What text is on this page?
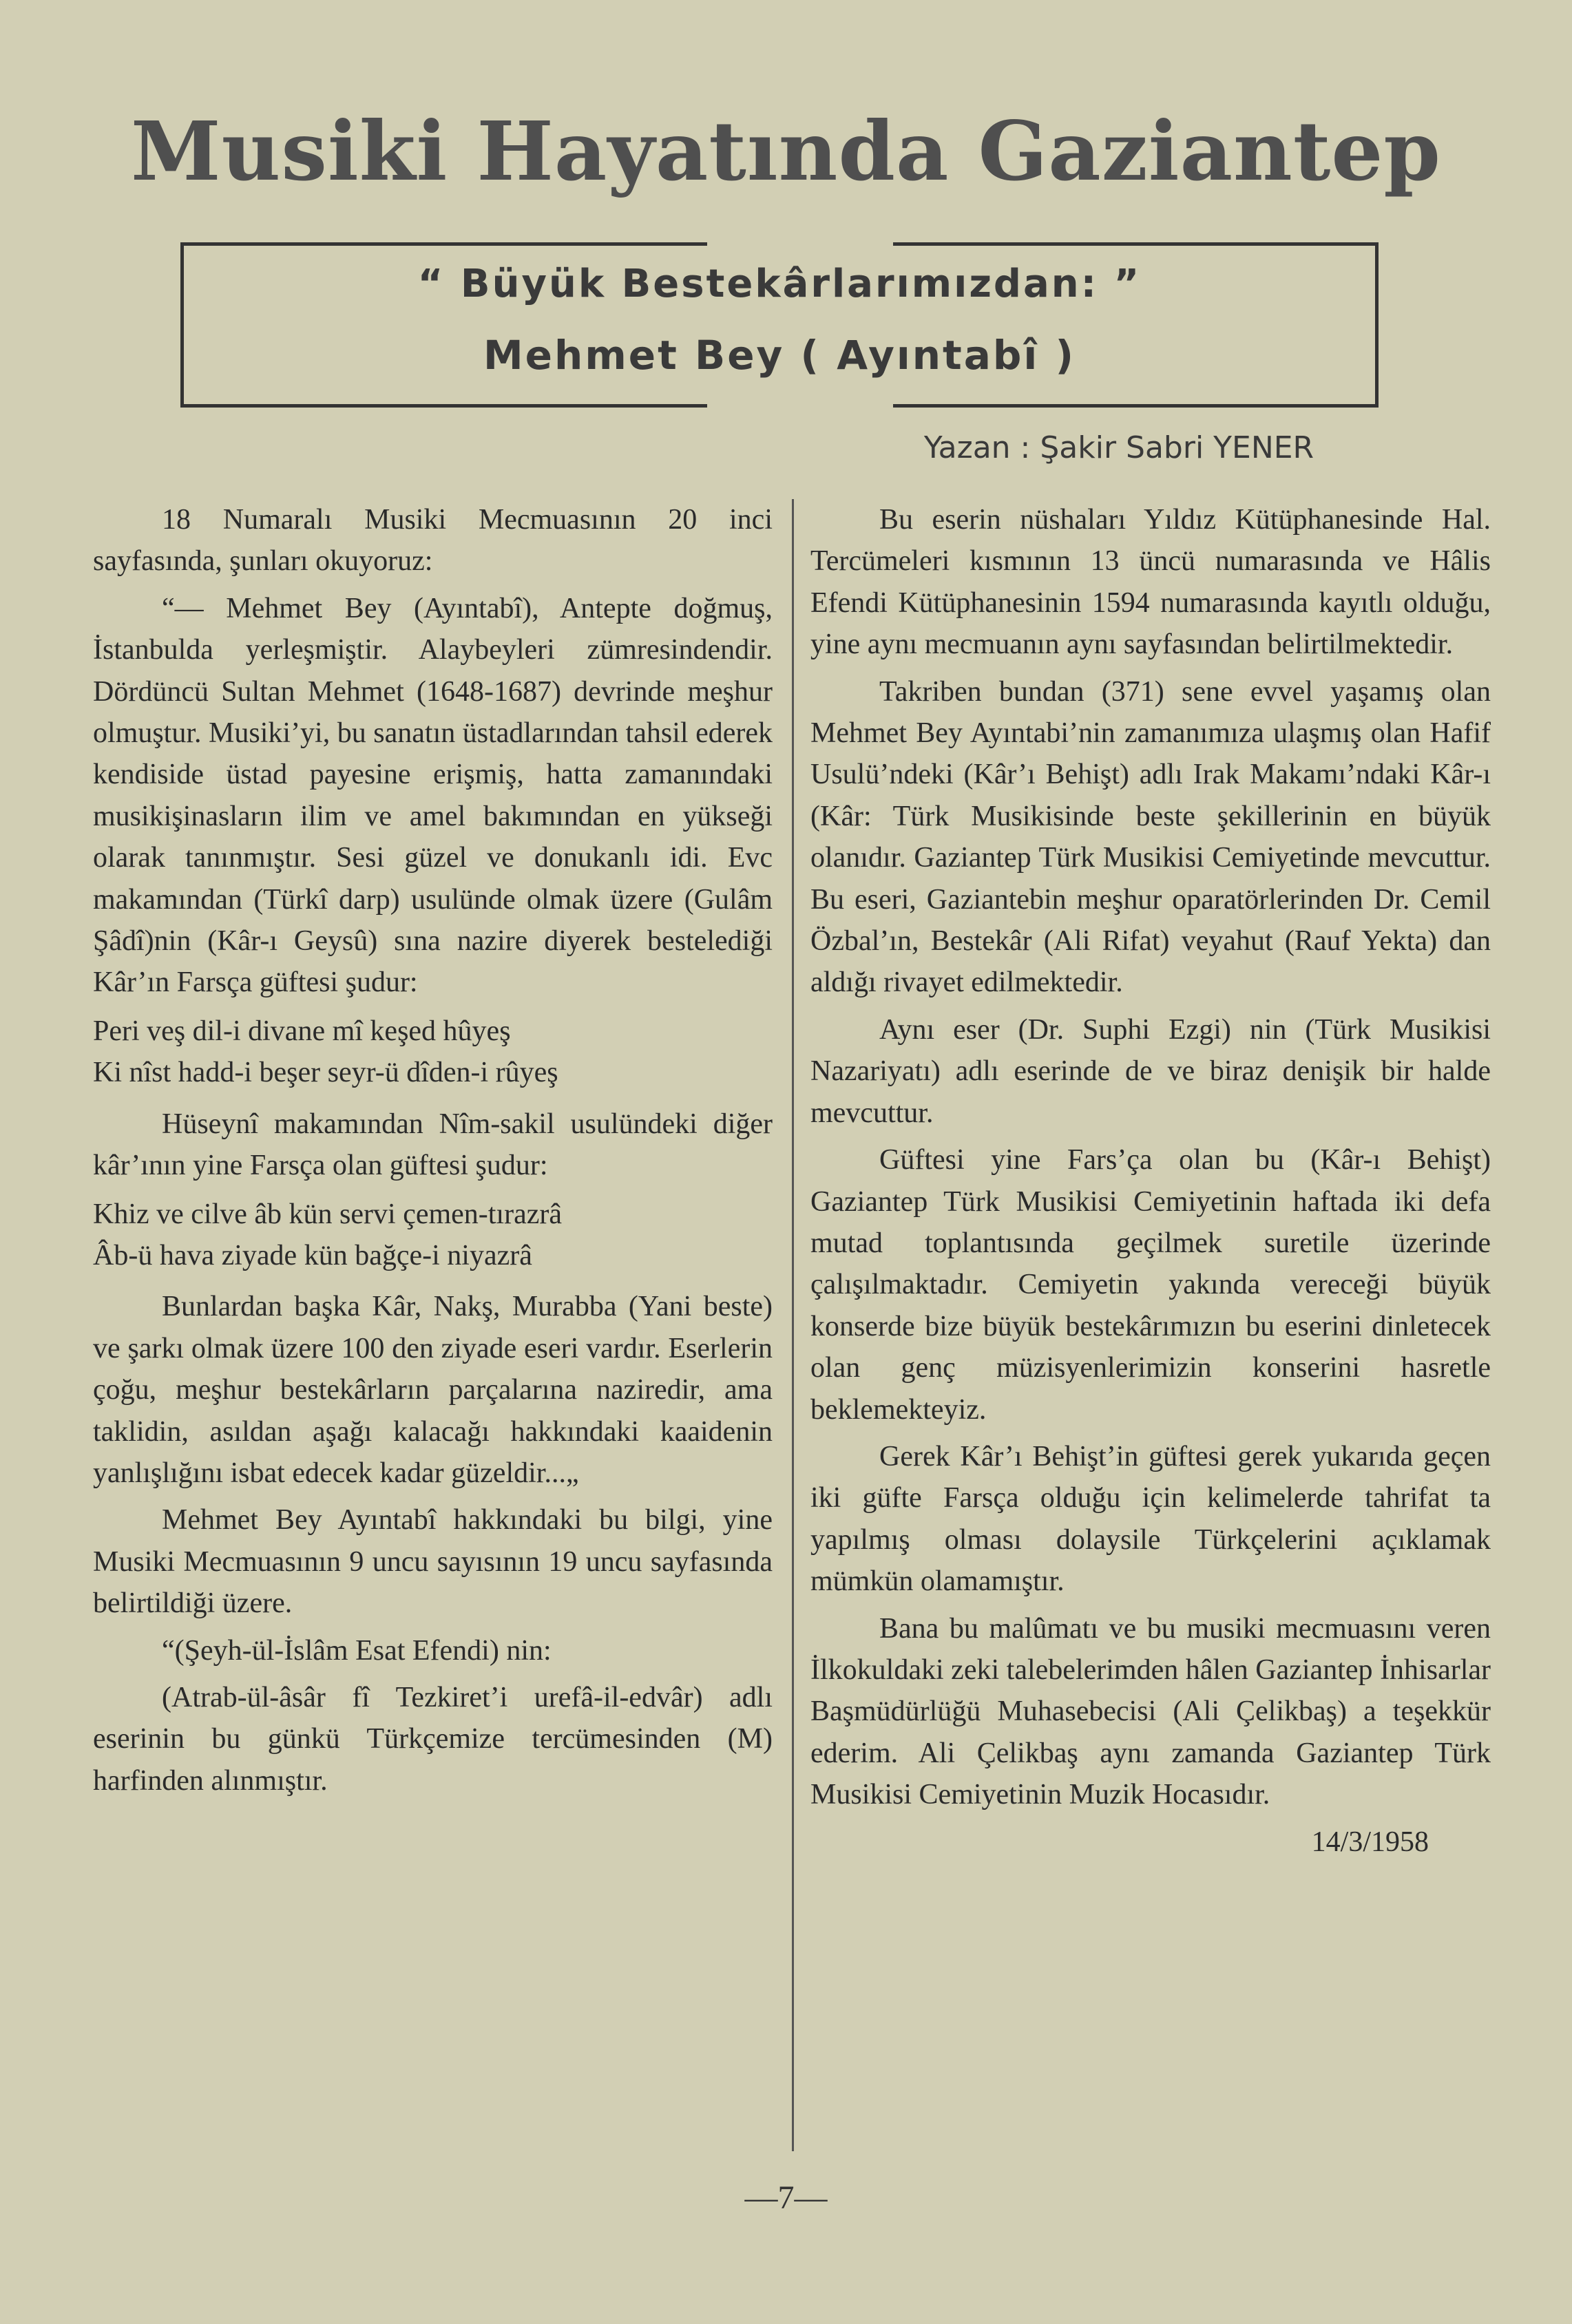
Musiki Hayatında Gaziantep
“ Büyük Bestekârlarımızdan: ”
Mehmet Bey ( Ayıntabî )
Yazan : Şakir Sabri YENER

18 Numaralı Musiki Mecmuasının 20 inci sayfasında, şunları okuyoruz:

“— Mehmet Bey (Ayıntabî), Antepte doğmuş, İstanbulda yerleşmiştir. Alaybeyleri zümresindendir. Dördüncü Sultan Mehmet (1648-1687) devrinde meşhur olmuştur. Musiki’yi, bu sanatın üstadlarından tahsil ederek kendiside üstad payesine erişmiş, hatta zamanındaki musikişinasların ilim ve amel bakımından en yükseği olarak tanınmıştır. Sesi güzel ve donukanlı idi. Evc makamından (Türkî darp) usulünde olmak üzere (Gulâm Şâdî)nin (Kâr-ı Geysû) sına nazire diyerek bestelediği Kâr’ın Farsça güftesi şudur:

Peri veş dil-i divane mî keşed hûyeş
Ki nîst hadd-i beşer seyr-ü dîden-i rûyeş

Hüseynî makamından Nîm-sakil usulündeki diğer kâr’ının yine Farsça olan güftesi şudur:

Khiz ve cilve âb kün servi çemen-tırazrâ
Âb-ü hava ziyade kün bağçe-i niyazrâ

Bunlardan başka Kâr, Nakş, Murabba (Yani beste) ve şarkı olmak üzere 100 den ziyade eseri vardır. Eserlerin çoğu, meşhur bestekârların parçalarına naziredir, ama taklidin, asıldan aşağı kalacağı hakkındaki kaaidenin yanlışlığını isbat edecek kadar güzeldir...„

Mehmet Bey Ayıntabî hakkındaki bu bilgi, yine Musiki Mecmuasının 9 uncu sayısının 19 uncu sayfasında belirtildiği üzere.

“(Şeyh-ül-İslâm Esat Efendi) nin:

(Atrab-ül-âsâr fî Tezkiret’i urefâ-il-edvâr) adlı eserinin bu günkü Türkçemize tercümesinden (M) harfinden alınmıştır.

Bu eserin nüshaları Yıldız Kütüphanesinde Hal. Tercümeleri kısmının 13 üncü numarasında ve Hâlis Efendi Kütüphanesinin 1594 numarasında kayıtlı olduğu, yine aynı mecmuanın aynı sayfasından belirtilmektedir.

Takriben bundan (371) sene evvel yaşamış olan Mehmet Bey Ayıntabi’nin zamanımıza ulaşmış olan Hafif Usulü’ndeki (Kâr’ı Behişt) adlı Irak Makamı’ndaki Kâr-ı (Kâr: Türk Musikisinde beste şekillerinin en büyük olanıdır. Gaziantep Türk Musikisi Cemiyetinde mevcuttur. Bu eseri, Gaziantebin meşhur oparatörlerinden Dr. Cemil Özbal’ın, Bestekâr (Ali Rifat) veyahut (Rauf Yekta) dan aldığı rivayet edilmektedir.

Aynı eser (Dr. Suphi Ezgi) nin (Türk Musikisi Nazariyatı) adlı eserinde de ve biraz denişik bir halde mevcuttur.

Güftesi yine Fars’ça olan bu (Kâr-ı Behişt) Gaziantep Türk Musikisi Cemiyetinin haftada iki defa mutad toplantısında geçilmek suretile üzerinde çalışılmaktadır. Cemiyetin yakında vereceği büyük konserde bize büyük bestekârımızın bu eserini dinletecek olan genç müzisyenlerimizin konserini hasretle beklemekteyiz.

Gerek Kâr’ı Behişt’in güftesi gerek yukarıda geçen iki güfte Farsça olduğu için kelimelerde tahrifat ta yapılmış olması dolaysile Türkçelerini açıklamak mümkün olamamıştır.

Bana bu malûmatı ve bu musiki mecmuasını veren İlkokuldaki zeki talebelerimden hâlen Gaziantep İnhisarlar Başmüdürlüğü Muhasebecisi (Ali Çelikbaş) a teşekkür ederim. Ali Çelikbaş aynı zamanda Gaziantep Türk Musikisi Cemiyetinin Muzik Hocasıdır.

14/3/1958
—7—
